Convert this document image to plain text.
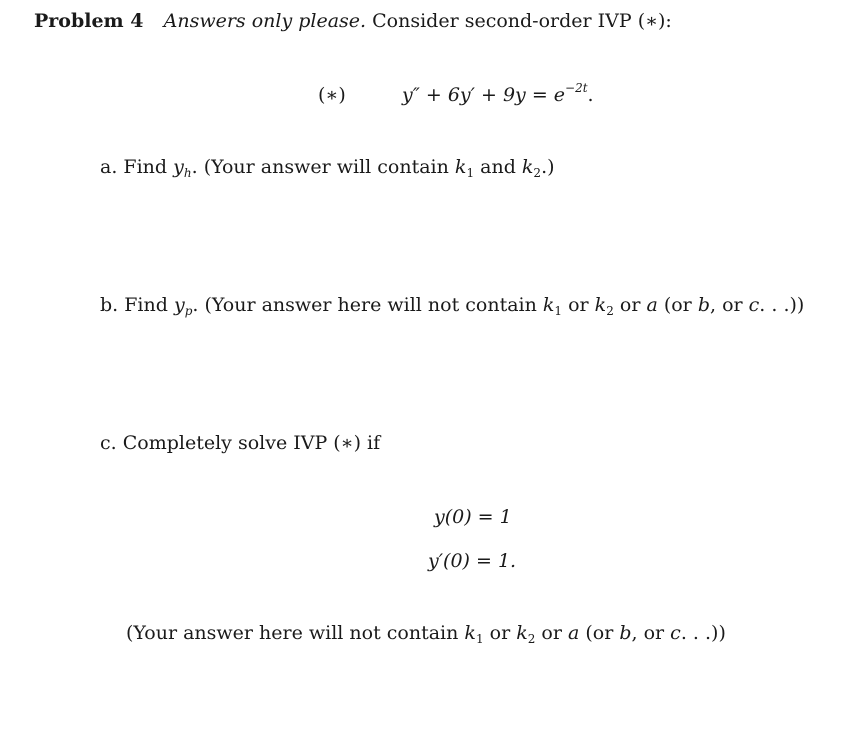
Problem 4 Answers only please. Consider second-order IVP (∗):
(∗)	$y'' + 6y' + 9y = e^{-2t}$.
a. Find $y_h$. (Your answer will contain $k_1$ and $k_2$.)
b. Find $y_p$. (Your answer here will not contain $k_1$ or $k_2$ or a (or b, or c. . .))
c. Completely solve IVP (∗) if
y(0) = 1
y′(0) = 1.
(Your answer here will not contain $k_1$ or $k_2$ or a (or b, or c. . .))
